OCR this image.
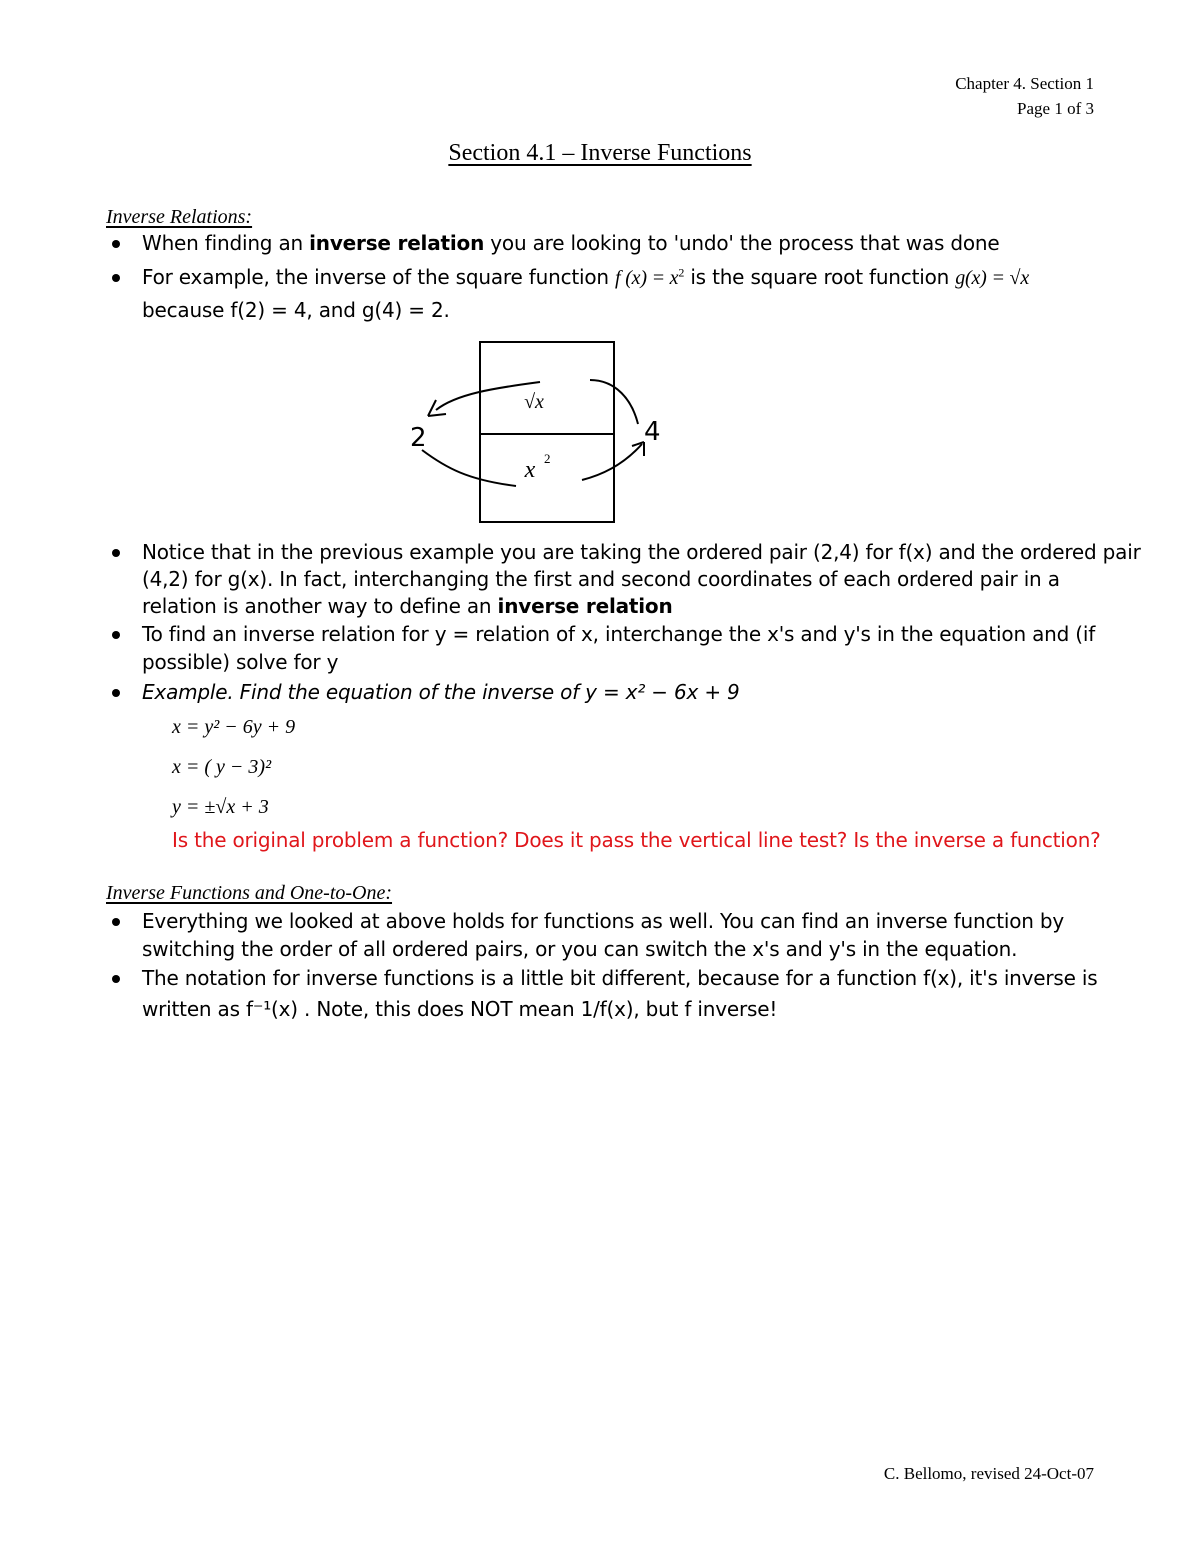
Chapter 4. Section 1
Page 1 of 3
Section 4.1 – Inverse Functions
Inverse Relations:
When finding an inverse relation you are looking to 'undo' the process that was done
For example, the inverse of the square function f $(x) = x^2$ is the square root function g(x) = √x
because f(2) = 4, and g(4) = 2.
√x
x 2
2	4
Notice that in the previous example you are taking the ordered pair (2,4) for f(x) and the ordered pair
(4,2) for g(x). In fact, interchanging the first and second coordinates of each ordered pair in a
relation is another way to define an inverse relation
To find an inverse relation for y = relation of x, interchange the x's and y's in the equation and (if
possible) solve for y
Example. Find the equation of the inverse of y = x² − 6x + 9
x = y² − 6y + 9
x = ( y − 3)²
y = ±√x + 3
Is the original problem a function? Does it pass the vertical line test? Is the inverse a function?
Inverse Functions and One-to-One:
Everything we looked at above holds for functions as well. You can find an inverse function by
switching the order of all ordered pairs, or you can switch the x's and y's in the equation.
The notation for inverse functions is a little bit different, because for a function f(x), it's inverse is
written as f⁻¹(x) . Note, this does NOT mean 1/f(x), but f inverse!
C. Bellomo, revised 24-Oct-07
